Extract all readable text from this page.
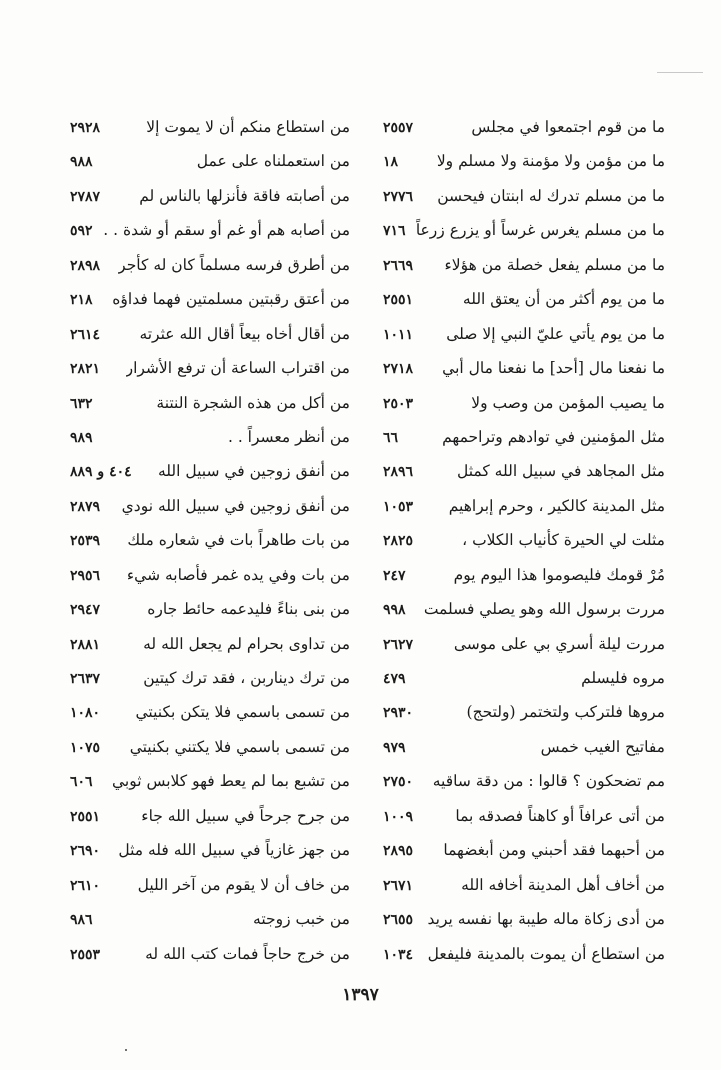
ما من قوم اجتمعوا في مجلس
٢٥٥٧
ما من مؤمن ولا مؤمنة ولا مسلم ولا
١٨
ما من مسلم تدرك له ابنتان فيحسن
٢٧٧٦
ما من مسلم يغرس غرساً أو يزرع زرعاً
٧١٦
ما من مسلم يفعل خصلة من هؤلاء
٢٦٦٩
ما من يوم أكثر من أن يعتق الله
٢٥٥١
ما من يوم يأتي عليّ النبي إلا صلى
١٠١١
ما نفعنا مال [أحد] ما نفعنا مال أبي
٢٧١٨
ما يصيب المؤمن من وصب ولا
٢٥٠٣
مثل المؤمنين في توادهم وتراحمهم
٦٦
مثل المجاهد في سبيل الله كمثل
٢٨٩٦
مثل المدينة كالكير ، وحرم إبراهيم
١٠٥٣
مثلت لي الحيرة كأنياب الكلاب ،
٢٨٢٥
مُرْ قومك فليصوموا هذا اليوم يوم
٢٤٧
مررت برسول الله وهو يصلي فسلمت
٩٩٨
مررت ليلة أسري بي على موسى
٢٦٢٧
مروه فليسلم
٤٧٩
مروها فلتركب ولتختمر (ولتحج)
٢٩٣٠
مفاتيح الغيب خمس
٩٧٩
مم تضحكون ؟ قالوا : من دقة ساقيه
٢٧٥٠
من أتى عرافاً أو كاهناً فصدقه بما
١٠٠٩
من أحبهما فقد أحبني ومن أبغضهما
٢٨٩٥
من أخاف أهل المدينة أخافه الله
٢٦٧١
من أدى زكاة ماله طيبة بها نفسه يريد
٢٦٥٥
من استطاع أن يموت بالمدينة فليفعل
١٠٣٤
من استطاع منكم أن لا يموت إلا
٢٩٢٨
من استعملناه على عمل
٩٨٨
من أصابته فاقة فأنزلها بالناس لم
٢٧٨٧
من أصابه هم أو غم أو سقم أو شدة . .
٥٩٢
من أطرق فرسه مسلماً كان له كأجر
٢٨٩٨
من أعتق رقبتين مسلمتين فهما فداؤه
٢١٨
من أقال أخاه بيعاً أقال الله عثرته
٢٦١٤
من اقتراب الساعة أن ترفع الأشرار
٢٨٢١
من أكل من هذه الشجرة النتنة
٦٣٢
من أنظر معسراً . .
٩٨٩
من أنفق زوجين في سبيل الله
٤٠٤ و ٨٨٩
من أنفق زوجين في سبيل الله نودي
٢٨٧٩
من بات طاهراً بات في شعاره ملك
٢٥٣٩
من بات وفي يده غمر فأصابه شيء
٢٩٥٦
من بنى بناءً فليدعمه حائط جاره
٢٩٤٧
من تداوى بحرام لم يجعل الله له
٢٨٨١
من ترك ديناربن ، فقد ترك كيتين
٢٦٣٧
من تسمى باسمي فلا يتكن بكنيتي
١٠٨٠
من تسمى باسمي فلا يكتني بكنيتي
١٠٧٥
من تشبع بما لم يعط فهو كلابس ثوبي
٦٠٦
من جرح جرحاً في سبيل الله جاء
٢٥٥١
من جهز غازياً في سبيل الله فله مثل
٢٦٩٠
من خاف أن لا يقوم من آخر الليل
٢٦١٠
من خبب زوجته
٩٨٦
من خرج حاجاً فمات كتب الله له
٢٥٥٣
١٣٩٧
